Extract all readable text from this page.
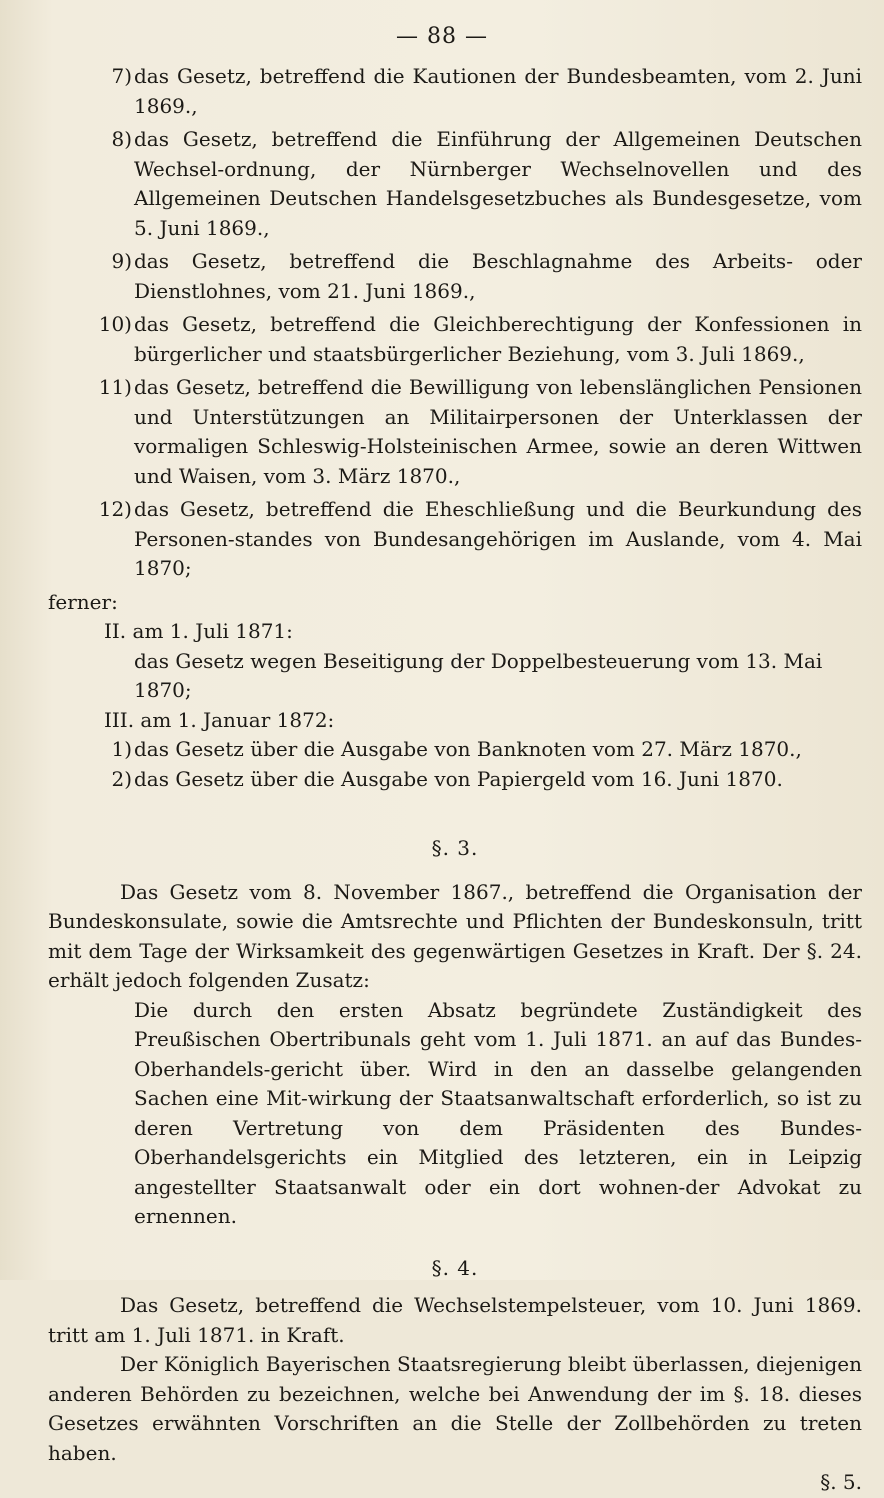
— 88 —
7) das Gesetz, betreffend die Kautionen der Bundesbeamten, vom 2. Juni 1869.,

8) das Gesetz, betreffend die Einführung der Allgemeinen Deutschen Wechsel-ordnung, der Nürnberger Wechselnovellen und des Allgemeinen Deutschen Handelsgesetzbuches als Bundesgesetze, vom 5. Juni 1869.,

9) das Gesetz, betreffend die Beschlagnahme des Arbeits- oder Dienstlohnes, vom 21. Juni 1869.,

10) das Gesetz, betreffend die Gleichberechtigung der Konfessionen in bürgerlicher und staatsbürgerlicher Beziehung, vom 3. Juli 1869.,

11) das Gesetz, betreffend die Bewilligung von lebenslänglichen Pensionen und Unterstützungen an Militairpersonen der Unterklassen der vormaligen Schleswig-Holsteinischen Armee, sowie an deren Wittwen und Waisen, vom 3. März 1870.,

12) das Gesetz, betreffend die Eheschließung und die Beurkundung des Personen-standes von Bundesangehörigen im Auslande, vom 4. Mai 1870;

ferner:
II. am 1. Juli 1871:
das Gesetz wegen Beseitigung der Doppelbesteuerung vom 13. Mai 1870;
III. am 1. Januar 1872:
1) das Gesetz über die Ausgabe von Banknoten vom 27. März 1870.,
2) das Gesetz über die Ausgabe von Papiergeld vom 16. Juni 1870.
§. 3.

Das Gesetz vom 8. November 1867., betreffend die Organisation der Bundeskonsulate, sowie die Amtsrechte und Pflichten der Bundeskonsuln, tritt mit dem Tage der Wirksamkeit des gegenwärtigen Gesetzes in Kraft. Der §. 24. erhält jedoch folgenden Zusatz:

Die durch den ersten Absatz begründete Zuständigkeit des Preußischen Obertribunals geht vom 1. Juli 1871. an auf das Bundes-Oberhandels-gericht über. Wird in den an dasselbe gelangenden Sachen eine Mit-wirkung der Staatsanwaltschaft erforderlich, so ist zu deren Vertretung von dem Präsidenten des Bundes-Oberhandelsgerichts ein Mitglied des letzteren, ein in Leipzig angestellter Staatsanwalt oder ein dort wohnen-der Advokat zu ernennen.

§. 4.

Das Gesetz, betreffend die Wechselstempelsteuer, vom 10. Juni 1869. tritt am 1. Juli 1871. in Kraft.

Der Königlich Bayerischen Staatsregierung bleibt überlassen, diejenigen anderen Behörden zu bezeichnen, welche bei Anwendung der im §. 18. dieses Gesetzes erwähnten Vorschriften an die Stelle der Zollbehörden zu treten haben.

§. 5.
